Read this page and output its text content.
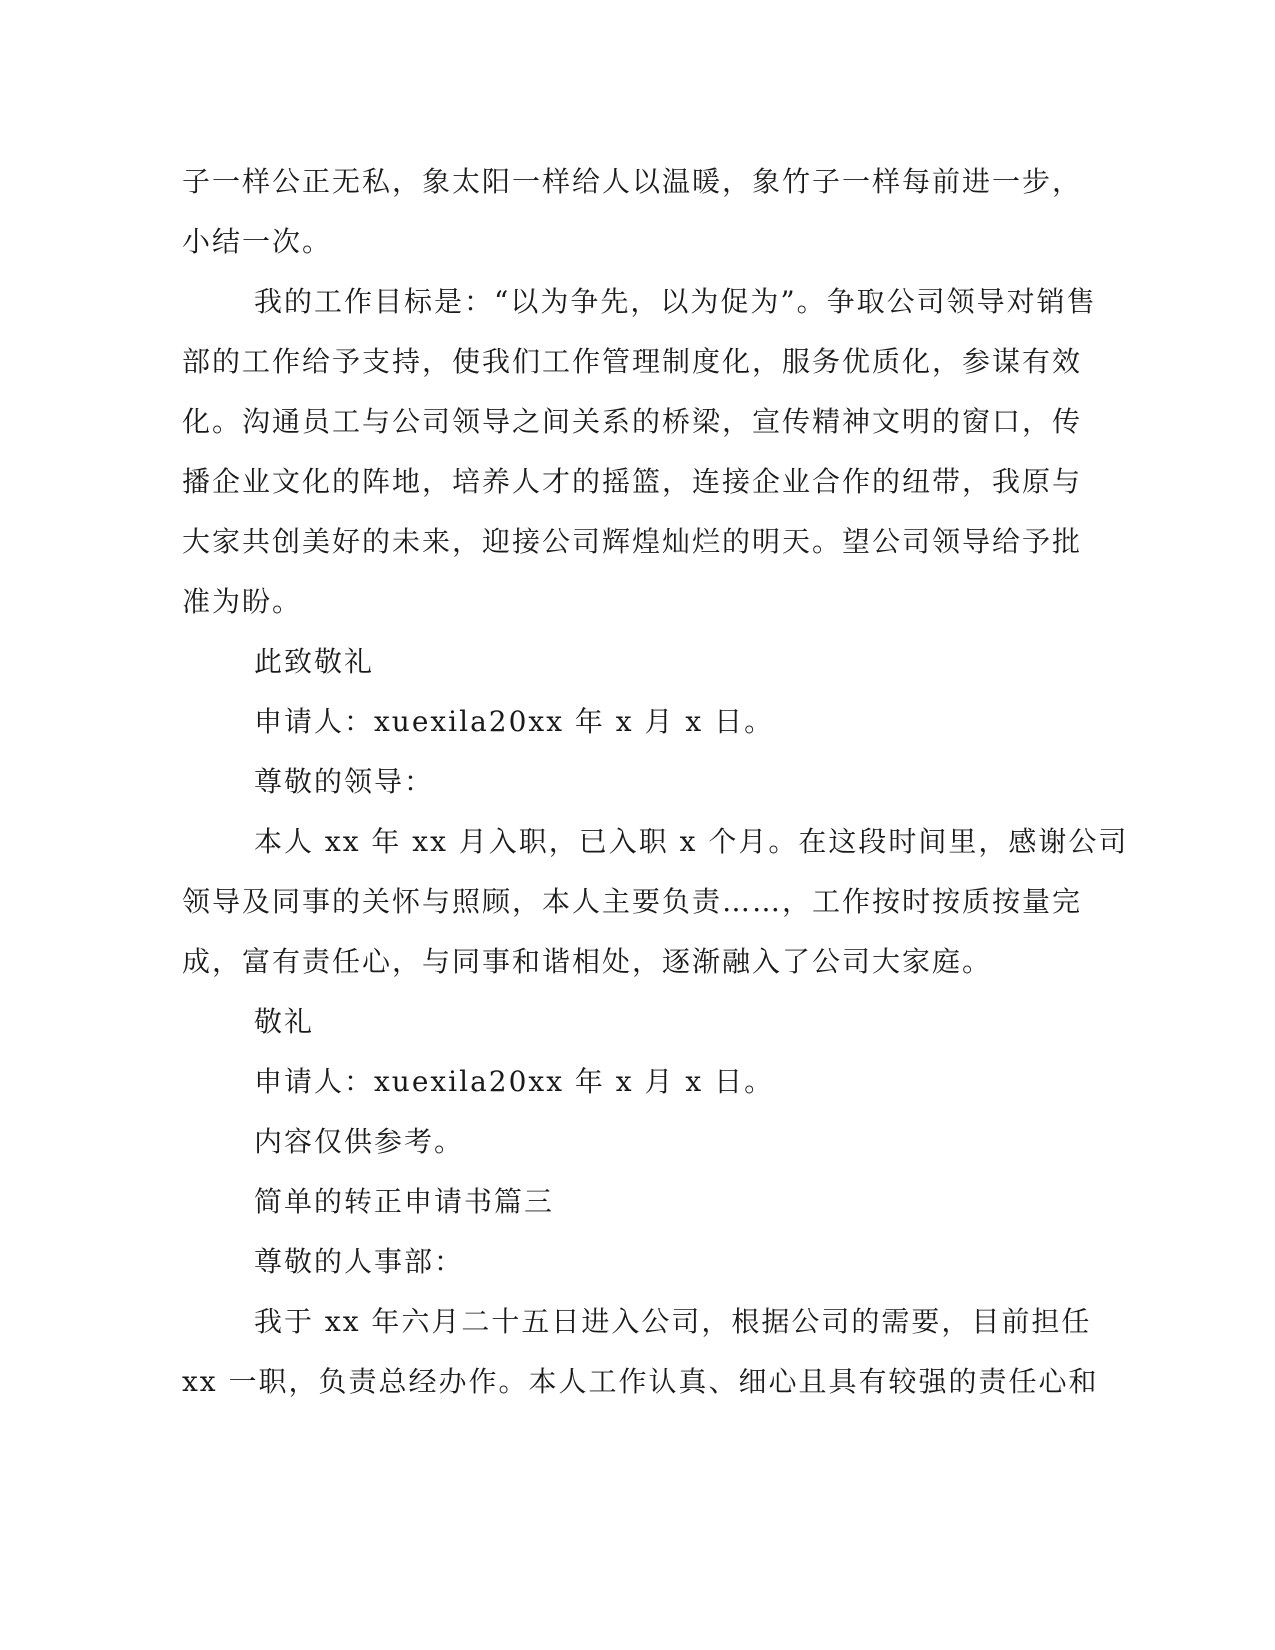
子一样公正无私，象太阳一样给人以温暖，象竹子一样每前进一步，
小结一次。
我的工作目标是：“以为争先，以为促为”。争取公司领导对销售
部的工作给予支持，使我们工作管理制度化，服务优质化，参谋有效
化。沟通员工与公司领导之间关系的桥梁，宣传精神文明的窗口，传
播企业文化的阵地，培养人才的摇篮，连接企业合作的纽带，我原与
大家共创美好的未来，迎接公司辉煌灿烂的明天。望公司领导给予批
准为盼。
此致敬礼
申请人：xuexila20xx 年 x 月 x 日。
尊敬的领导：
本人 xx 年 xx 月入职，已入职 x 个月。在这段时间里，感谢公司
领导及同事的关怀与照顾，本人主要负责……，工作按时按质按量完
成，富有责任心，与同事和谐相处，逐渐融入了公司大家庭。
敬礼
申请人：xuexila20xx 年 x 月 x 日。
内容仅供参考。
简单的转正申请书篇三
尊敬的人事部：
我于 xx 年六月二十五日进入公司，根据公司的需要，目前担任
xx 一职，负责总经办作。本人工作认真、细心且具有较强的责任心和
